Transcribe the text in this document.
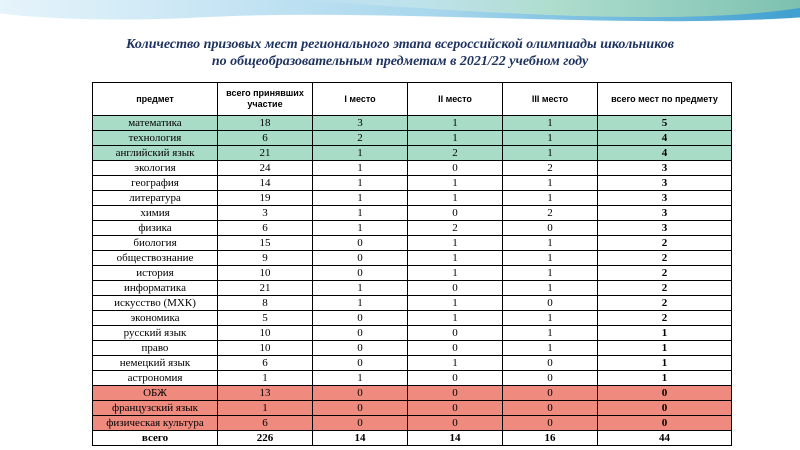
Количество призовых мест регионального этапа всероссийской олимпиады школьников
по общеобразовательным предметам в 2021/22 учебном году
предмет	всего принявших участие	I место	II место	III место	всего мест по предмету
математика	18	3	1	1	5
технология	6	2	1	1	4
английский язык	21	1	2	1	4
экология	24	1	0	2	3
география	14	1	1	1	3
литература	19	1	1	1	3
химия	3	1	0	2	3
физика	6	1	2	0	3
биология	15	0	1	1	2
обществознание	9	0	1	1	2
история	10	0	1	1	2
информатика	21	1	0	1	2
искусство (МХК)	8	1	1	0	2
экономика	5	0	1	1	2
русский язык	10	0	0	1	1
право	10	0	0	1	1
немецкий язык	6	0	1	0	1
астрономия	1	1	0	0	1
ОБЖ	13	0	0	0	0
французский язык	1	0	0	0	0
физическая культура	6	0	0	0	0
всего	226	14	14	16	44
